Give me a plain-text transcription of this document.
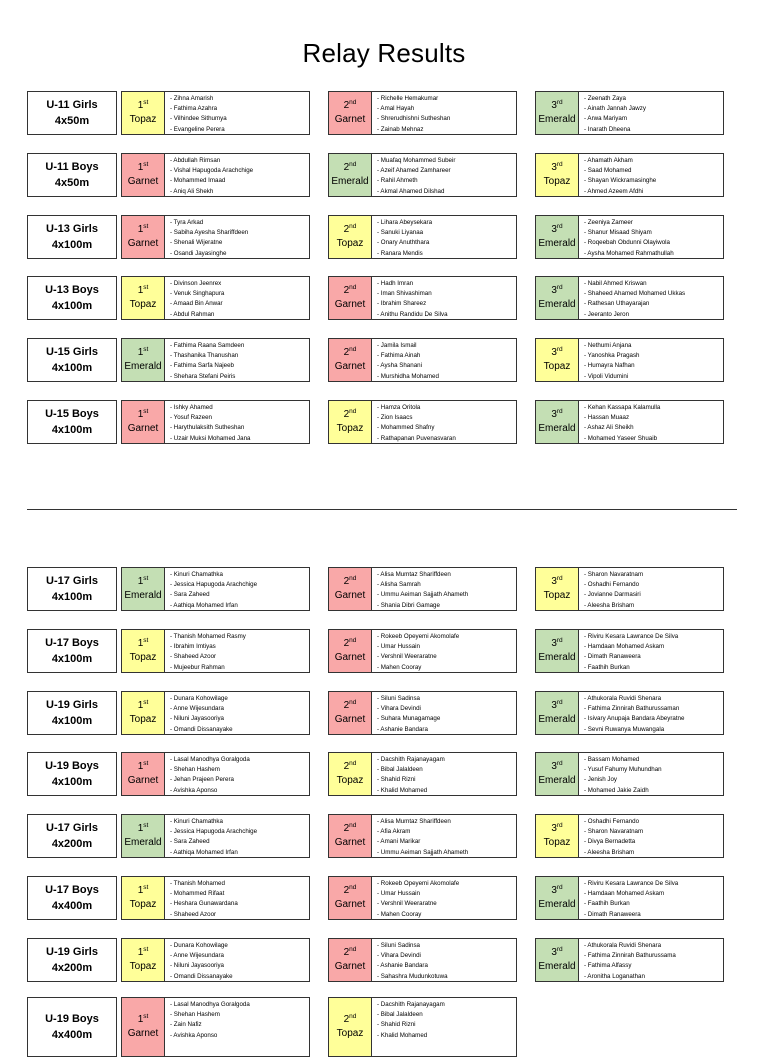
Relay Results
U-11 Girls
4x50m
1st
Topaz
- Zihna Amarish
- Fathima Azahra
- Vilhindee Sithumya
- Evangeline Perera
2nd
Garnet
- Richelle Hemakumar
- Amal Hayah
- Shrerudhishni Sutheshan
- Zainab Mehnaz
3rd
Emerald
- Zeenath Zaya
- Ainath Jannah Jawzy
- Arwa Mariyam
- Inarath Dheena
U-11 Boys
4x50m
1st
Garnet
- Abdullah Rimsan
- Vishal Hapugoda Arachchige
- Mohammed Imaad
- Aniq Ali Shekh
2nd
Emerald
- Muafaq Mohammed Subeir
- Azeif Ahamed Zamhareer
- Rahil Ahmeth
- Akmal Ahamed Dilshad
3rd
Topaz
- Ahamath Akham
- Saad Mohamed
- Shayan Wickramasinghe
- Ahmed Azeem Afdhi
U-13 Girls
4x100m
1st
Garnet
- Tyra Arkad
- Sabiha Ayesha Shariffdeen
- Shenali Wijeratne
- Osandi Jayasinghe
2nd
Topaz
- Lihara Abeysekara
- Sanuki Liyanaa
- Onary Anuththara
- Ranara Mendis
3rd
Emerald
- Zeeniya Zameer
- Shanur Misaad Shiyam
- Roqeebah Obdunni Olayiwola
- Aysha Mohamed Rahmathullah
U-13 Boys
4x100m
1st
Topaz
- Divinson Jeenrex
- Venuk Singhapura
- Amaad Bin Anwar
- Abdul Rahman
2nd
Garnet
- Hadh Imran
- Iman Shivashiman
- Ibrahim Shareez
- Anithu Randidu De Silva
3rd
Emerald
- Nabil Ahmed Kriswan
- Shaheed Ahamed Mohamed Ukkas
- Rathesan Uthayarajan
- Jeeranto Jeron
U-15 Girls
4x100m
1st
Emerald
- Fathima Raana Samdeen
- Thashanika Thanushan
- Fathima Sarfa Najeeb
- Shehara Stefani Peiris
2nd
Garnet
- Jamila Ismail
- Fathima Ainah
- Aysha Shanani
- Murshidha Mohamed
3rd
Topaz
- Nethumi Anjana
- Yanoshka Pragash
- Humayra Nafhan
- Vipoli Vidumini
U-15 Boys
4x100m
1st
Garnet
- Ishky Ahamed
- Yosuf Razeen
- Harythulaksith Sutheshan
- Uzair Muksi Mohamed Jana
2nd
Topaz
- Hamza Oritola
- Zion Isaacs
- Mohammed Shafny
- Rathapanan Puvenasvaran
3rd
Emerald
- Kehan Kassapa Kalamulla
- Hassan Muaaz
- Ashaz Ali Sheikh
- Mohamed Yaseer Shuaib
U-17 Girls
4x100m
1st
Emerald
- Kinuri Chamathka
- Jessica Hapugoda Arachchige
- Sara Zaheed
- Aathiqa Mohamed Irfan
2nd
Garnet
- Alisa Mumtaz Shariffdeen
- Alisha Samrah
- Ummu Aeiman Sajjath Ahameth
- Shania Dibri Gamage
3rd
Topaz
- Sharon Navaratnam
- Oshadhi Fernando
- Jovianne Darmasiri
- Aleesha Brisham
U-17 Boys
4x100m
1st
Topaz
- Thanish Mohamed Rasmy
- Ibrahim Imtiyas
- Shaheed Azoor
- Mujeebur Rahman
2nd
Garnet
- Rokeeb Opeyemi Akomolafe
- Umar Hussain
- Vershnil Weeraratne
- Mahen Cooray
3rd
Emerald
- Riviru Kesara Lawrance De Silva
- Hamdaan Mohamed Askam
- Dimath Ranaweera
- Faathih Burkan
U-19 Girls
4x100m
1st
Topaz
- Dunara Kohowilage
- Anne Wijesundara
- Niluni Jayasooriya
- Omandi Dissanayake
2nd
Garnet
- Siluni Sadinsa
- Vihara Devindi
- Suhara Munagamage
- Ashanie Bandara
3rd
Emerald
- Athukorala Ruvidi Shenara
- Fathima Zinnirah Bathurussaman
- Isivary Anupaja Bandara Abeyratne
- Sevni Ruwanya Muwangala
U-19 Boys
4x100m
1st
Garnet
- Lasal Manodhya Goralgoda
- Shehan Hashem
- Jehan Prajeen Perera
- Avishka Aponso
2nd
Topaz
- Dacshith Rajanayagam
- Bibal Jalaldeen
- Shahid Rizni
- Khalid Mohamed
3rd
Emerald
- Bassam Mohamed
- Yusuf Fahumy Muhundhan
- Jenish Joy
- Mohamed Jakie Zaidh
U-17 Girls
4x200m
1st
Emerald
- Kinuri Chamathka
- Jessica Hapugoda Arachchige
- Sara Zaheed
- Aathiqa Mohamed Irfan
2nd
Garnet
- Alisa Mumtaz Shariffdeen
- Afia Akram
- Amani Marikar
- Ummu Aeiman Sajjath Ahameth
3rd
Topaz
- Oshadhi Fernando
- Sharon Navaratnam
- Divya Bernadetta
- Aleesha Brisham
U-17 Boys
4x400m
1st
Topaz
- Thanish Mohamed
- Mohammed Rifaat
- Heshara Gunawardana
- Shaheed Azoor
2nd
Garnet
- Rokeeb Opeyemi Akomolafe
- Umar Hussain
- Vershnil Weeraratne
- Mahen Cooray
3rd
Emerald
- Riviru Kesara Lawrance De Silva
- Hamdaan Mohamed Askam
- Faathih Burkan
- Dimath Ranaweera
U-19 Girls
4x200m
1st
Topaz
- Dunara Kohowilage
- Anne Wijesundara
- Niluni Jayasooriya
- Omandi Dissanayake
2nd
Garnet
- Siluni Sadinsa
- Vihara Devindi
- Ashanie Bandara
- Sahashra Mudunkotuwa
3rd
Emerald
- Athukorala Ruvidi Shenara
- Fathima Zinnirah Bathurussama
- Fathima Alfassy
- Aronitha Loganathan
U-19 Boys
4x400m
1st
Garnet
- Lasal Manodhya Goralgoda
- Shehan Hashem
- Zain Nafiz
- Avishka Aponso
2nd
Topaz
- Dacshith Rajanayagam
- Bibal Jalaldeen
- Shahid Rizni
- Khalid Mohamed
